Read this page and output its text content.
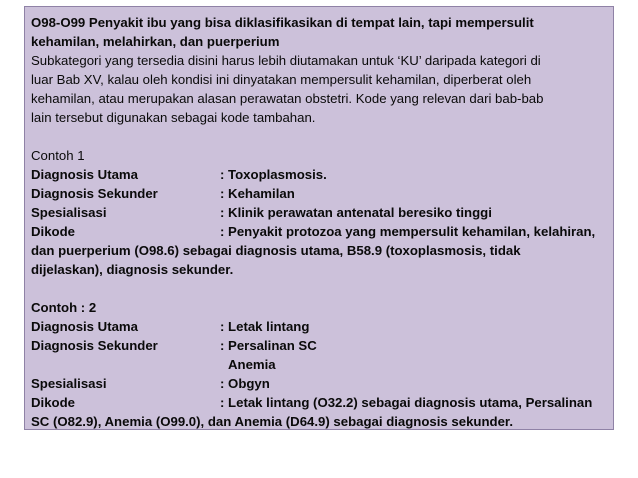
O98-O99 Penyakit ibu yang bisa diklasifikasikan di tempat lain, tapi mempersulit
kehamilan, melahirkan, dan puerperium
Subkategori yang tersedia disini harus lebih diutamakan untuk ‘KU’ daripada kategori di
luar Bab XV, kalau oleh kondisi ini dinyatakan mempersulit kehamilan, diperberat oleh
kehamilan, atau merupakan alasan perawatan obstetri. Kode yang relevan dari bab-bab
lain tersebut digunakan sebagai kode tambahan.
Contoh 1
Diagnosis Utama	: Toxoplasmosis.
Diagnosis Sekunder	: Kehamilan
Spesialisasi	: Klinik perawatan antenatal beresiko tinggi
Dikode	: Penyakit protozoa yang mempersulit kehamilan, kelahiran,
dan puerperium (O98.6) sebagai diagnosis utama, B58.9 (toxoplasmosis, tidak
dijelaskan), diagnosis sekunder.
Contoh : 2
Diagnosis Utama	: Letak lintang
Diagnosis Sekunder	: Persalinan SC
Anemia
Spesialisasi	: Obgyn
Dikode	: Letak lintang (O32.2) sebagai diagnosis utama, Persalinan
SC (O82.9), Anemia (O99.0), dan Anemia (D64.9) sebagai diagnosis sekunder.
